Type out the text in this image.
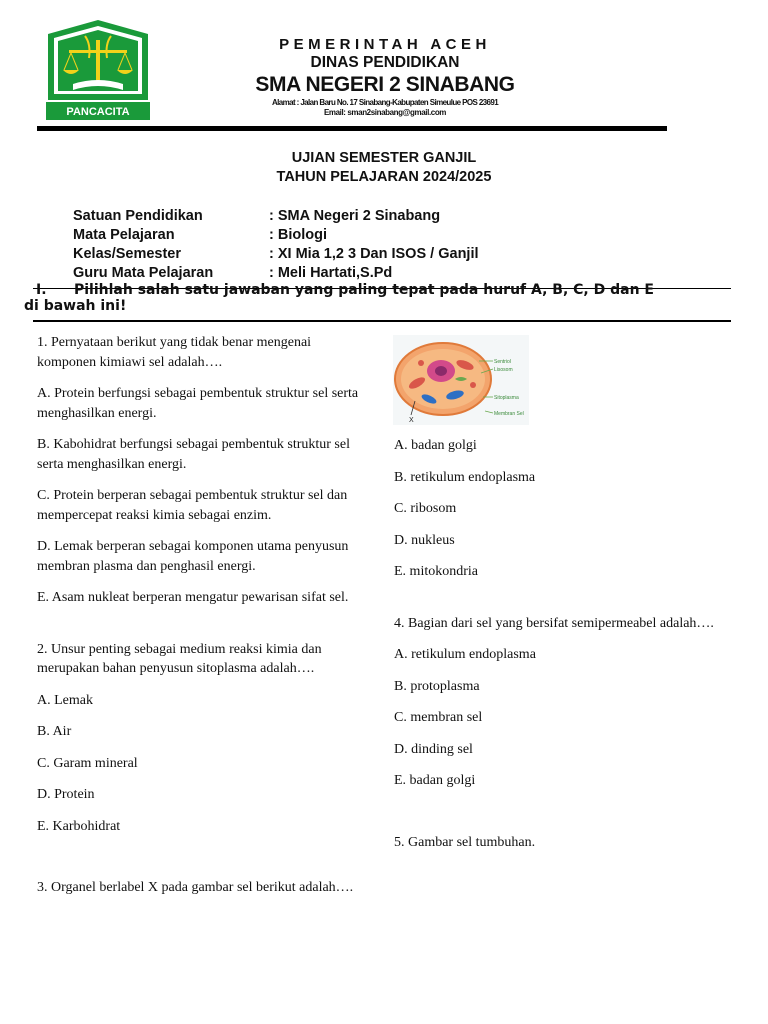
PANCACITA
PEMERINTAH ACEH
DINAS PENDIDIKAN
SMA NEGERI 2 SINABANG
Alamat : Jalan Baru No. 17 Sinabang-Kabupaten Simeulue POS 23691
Email: sman2sinabang@gmail.com
UJIAN SEMESTER GANJIL
TAHUN PELAJARAN 2024/2025
Satuan Pendidikan	: SMA Negeri 2 Sinabang
Mata Pelajaran	: Biologi
Kelas/Semester	: XI Mia 1,2 3 Dan ISOS / Ganjil
Guru Mata Pelajaran	: Meli Hartati,S.Pd
I. Pilihlah salah satu jawaban yang paling tepat pada huruf A, B, C, D dan E
di bawah ini!

1. Pernyataan berikut yang tidak benar mengenai komponen kimiawi sel adalah….

A. Protein berfungsi sebagai pembentuk struktur sel serta menghasilkan energi.

B. Kabohidrat berfungsi sebagai pembentuk struktur sel serta menghasilkan energi.

C. Protein berperan sebagai pembentuk struktur sel dan mempercepat reaksi kimia sebagai enzim.

D. Lemak berperan sebagai komponen utama penyusun membran plasma dan penghasil energi.

E. Asam nukleat berperan mengatur pewarisan sifat sel.

2. Unsur penting sebagai medium reaksi kimia dan merupakan bahan penyusun sitoplasma adalah….

A. Lemak

B. Air

C. Garam mineral

D. Protein

E. Karbohidrat

3. Organel berlabel X pada gambar sel berikut adalah….

Sentriol
Lisosom
Sitoplasma
Membran Sel
X

A. badan golgi

B. retikulum endoplasma

C. ribosom

D. nukleus

E. mitokondria

4. Bagian dari sel yang bersifat semipermeabel adalah….

A. retikulum endoplasma

B. protoplasma

C. membran sel

D. dinding sel

E. badan golgi

5. Gambar sel tumbuhan.
